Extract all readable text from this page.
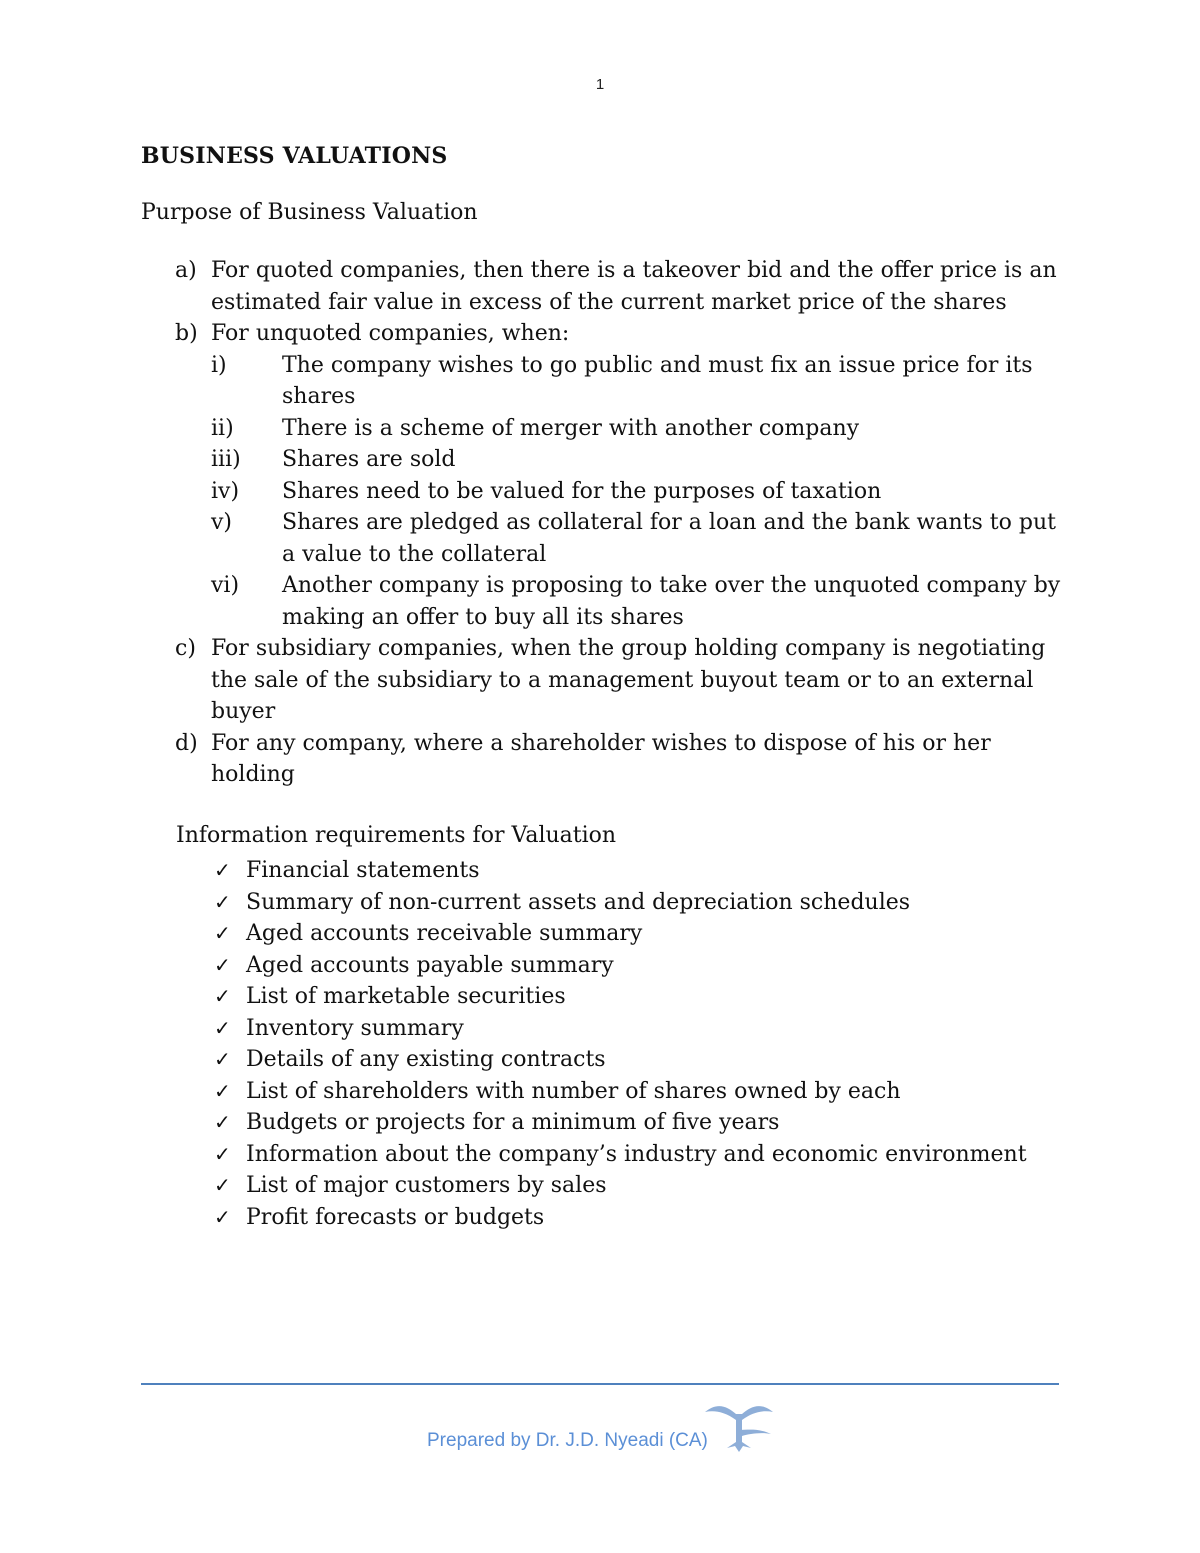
1
BUSINESS VALUATIONS
Purpose of Business Valuation
a) For quoted companies, then there is a takeover bid and the offer price is an estimated fair value in excess of the current market price of the shares
b) For unquoted companies, when:
i)	The company wishes to go public and must fix an issue price for its shares
ii) There is a scheme of merger with another company
iii) Shares are sold
iv) Shares need to be valued for the purposes of taxation
v) Shares are pledged as collateral for a loan and the bank wants to put a value to the collateral
vi) Another company is proposing to take over the unquoted company by making an offer to buy all its shares
c) For subsidiary companies, when the group holding company is negotiating the sale of the subsidiary to a management buyout team or to an external buyer
d) For any company, where a shareholder wishes to dispose of his or her holding
Information requirements for Valuation
✓ Financial statements
✓ Summary of non-current assets and depreciation schedules
✓ Aged accounts receivable summary
✓ Aged accounts payable summary
✓ List of marketable securities
✓ Inventory summary
✓ Details of any existing contracts
✓ List of shareholders with number of shares owned by each
✓ Budgets or projects for a minimum of five years
✓ Information about the company’s industry and economic environment
✓ List of major customers by sales
✓ Profit forecasts or budgets
Prepared by Dr. J.D. Nyeadi (CA)
